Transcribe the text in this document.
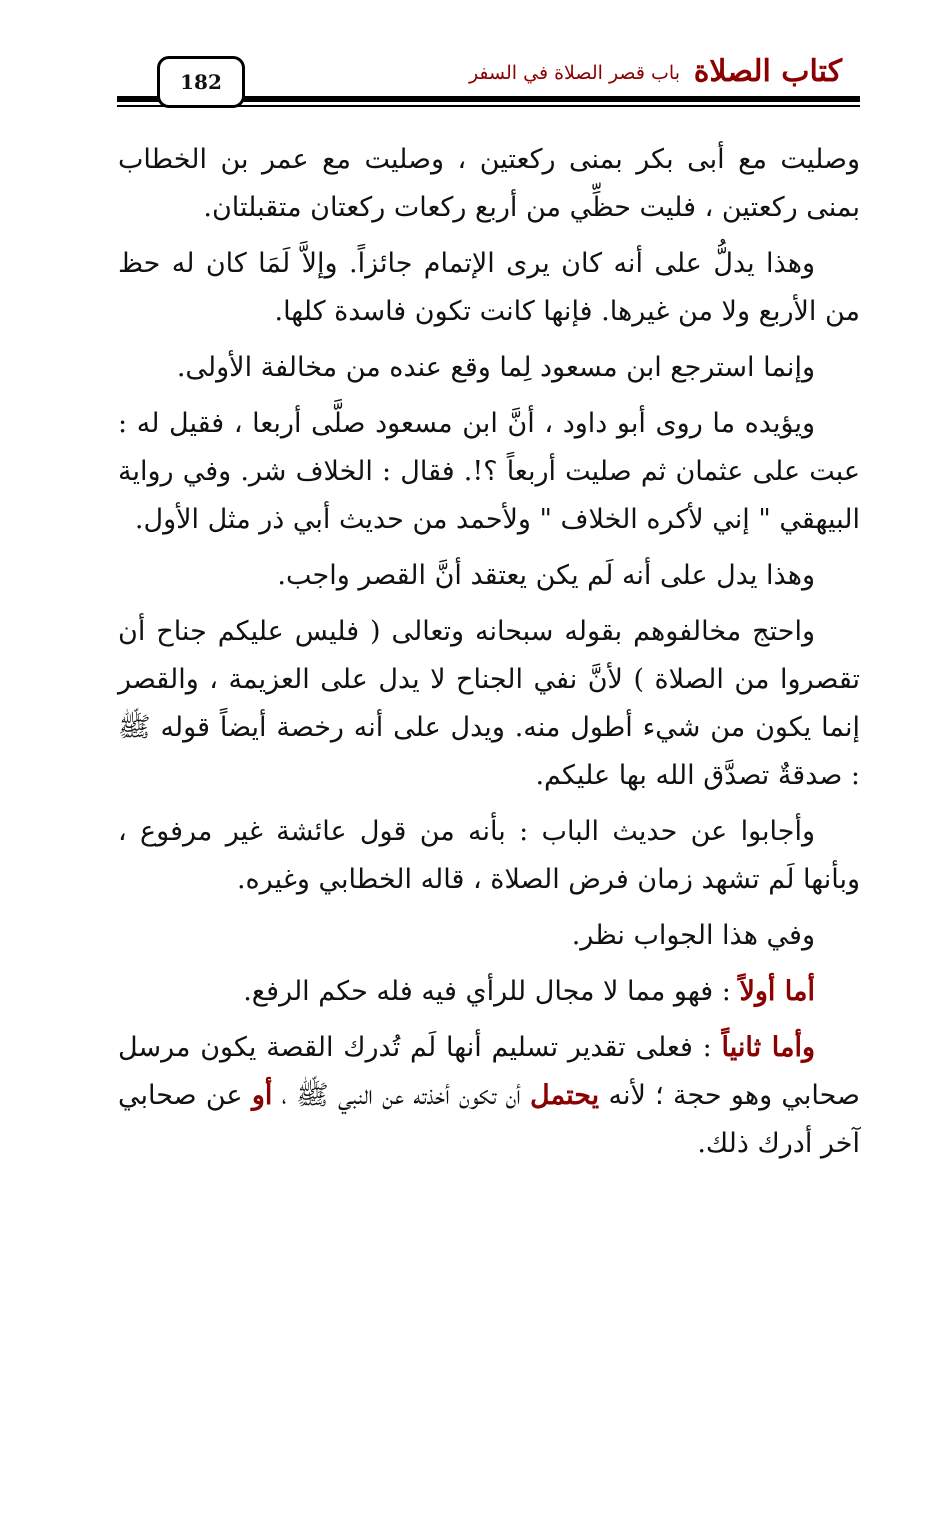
كتاب الصلاة
باب قصر الصلاة في السفر
182

وصليت مع أبى بكر بمنى ركعتين ، وصليت مع عمر بن الخطاب بمنى ركعتين ، فليت حظِّي من أربع ركعات ركعتان متقبلتان.

وهذا يدلُّ على أنه كان يرى الإتمام جائزاً. وإلاَّ لَمَا كان له حظ من الأربع ولا من غيرها. فإنها كانت تكون فاسدة كلها.

وإنما استرجع ابن مسعود لِما وقع عنده من مخالفة الأولى.

ويؤيده ما روى أبو داود ، أنَّ ابن مسعود صلَّى أربعا ، فقيل له : عبت على عثمان ثم صليت أربعاً ؟!. فقال : الخلاف شر. وفي رواية البيهقي " إني لأكره الخلاف " ولأحمد من حديث أبي ذر مثل الأول.

وهذا يدل على أنه لَم يكن يعتقد أنَّ القصر واجب.

واحتج مخالفوهم بقوله سبحانه وتعالى ( فليس عليكم جناح أن تقصروا من الصلاة ) لأنَّ نفي الجناح لا يدل على العزيمة ، والقصر إنما يكون من شيء أطول منه. ويدل على أنه رخصة أيضاً قوله ﷺ : صدقةٌ تصدَّق الله بها عليكم.

وأجابوا عن حديث الباب : بأنه من قول عائشة غير مرفوع ، وبأنها لَم تشهد زمان فرض الصلاة ، قاله الخطابي وغيره.

وفي هذا الجواب نظر.

أما أولاً : فهو مما لا مجال للرأي فيه فله حكم الرفع.

وأما ثانياً : فعلى تقدير تسليم أنها لَم تُدرك القصة يكون مرسل صحابي وهو حجة ؛ لأنه يحتمل أن تكون أخذته عن النبي ﷺ ، أو عن صحابي آخر أدرك ذلك.
